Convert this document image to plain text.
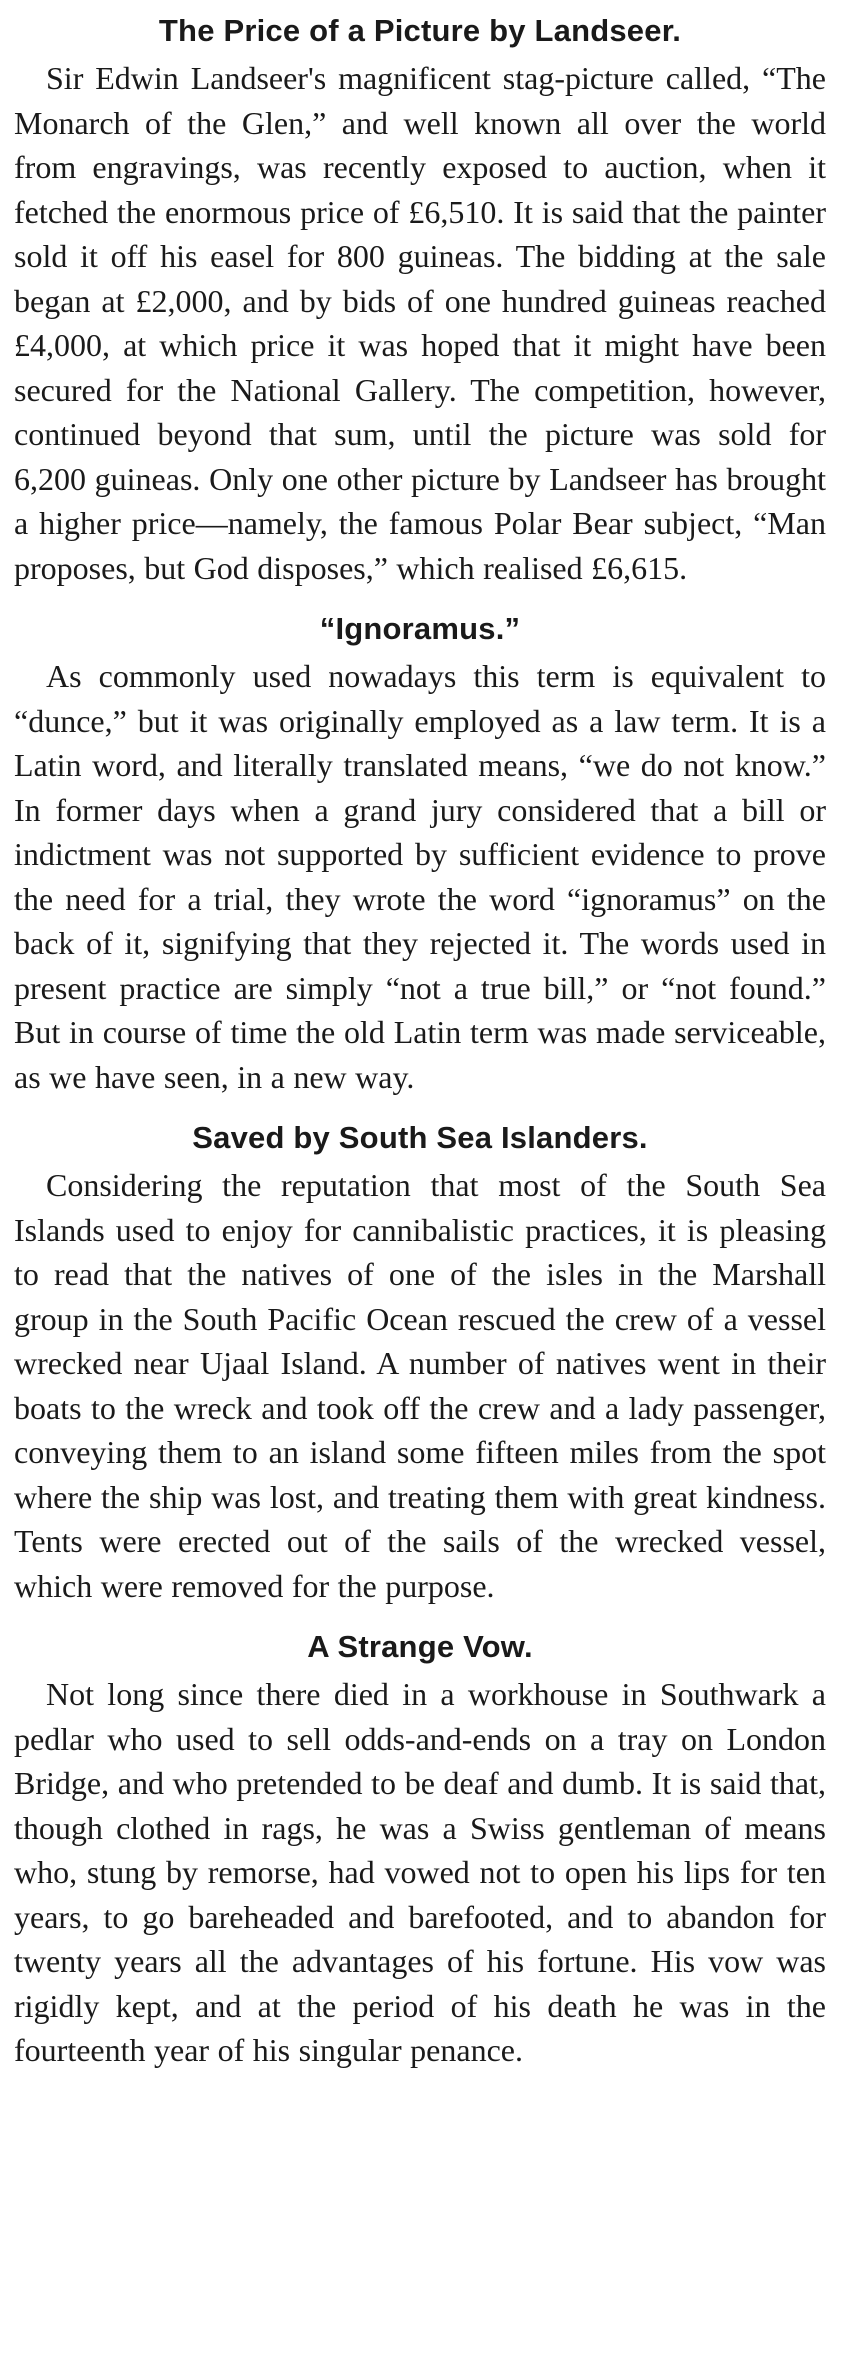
The Price of a Picture by Landseer.

Sir Edwin Landseer's magnificent stag-picture called, “The Monarch of the Glen,” and well known all over the world from engravings, was recently exposed to auction, when it fetched the enormous price of £6,510. It is said that the painter sold it off his easel for 800 guineas. The bidding at the sale began at £2,000, and by bids of one hundred guineas reached £4,000, at which price it was hoped that it might have been secured for the National Gallery. The competition, however, continued beyond that sum, until the picture was sold for 6,200 guineas. Only one other picture by Landseer has brought a higher price—namely, the famous Polar Bear subject, “Man proposes, but God disposes,” which realised £6,615.

“Ignoramus.”

As commonly used nowadays this term is equivalent to “dunce,” but it was originally employed as a law term. It is a Latin word, and literally translated means, “we do not know.” In former days when a grand jury considered that a bill or indictment was not supported by sufficient evidence to prove the need for a trial, they wrote the word “ignoramus” on the back of it, signifying that they rejected it. The words used in present practice are simply “not a true bill,” or “not found.” But in course of time the old Latin term was made serviceable, as we have seen, in a new way.

Saved by South Sea Islanders.

Considering the reputation that most of the South Sea Islands used to enjoy for cannibalistic practices, it is pleasing to read that the natives of one of the isles in the Marshall group in the South Pacific Ocean rescued the crew of a vessel wrecked near Ujaal Island. A number of natives went in their boats to the wreck and took off the crew and a lady passenger, conveying them to an island some fifteen miles from the spot where the ship was lost, and treating them with great kindness. Tents were erected out of the sails of the wrecked vessel, which were removed for the purpose.

A Strange Vow.

Not long since there died in a workhouse in Southwark a pedlar who used to sell odds-and-ends on a tray on London Bridge, and who pretended to be deaf and dumb. It is said that, though clothed in rags, he was a Swiss gentleman of means who, stung by remorse, had vowed not to open his lips for ten years, to go bareheaded and barefooted, and to abandon for twenty years all the advantages of his fortune. His vow was rigidly kept, and at the period of his death he was in the fourteenth year of his singular penance.
